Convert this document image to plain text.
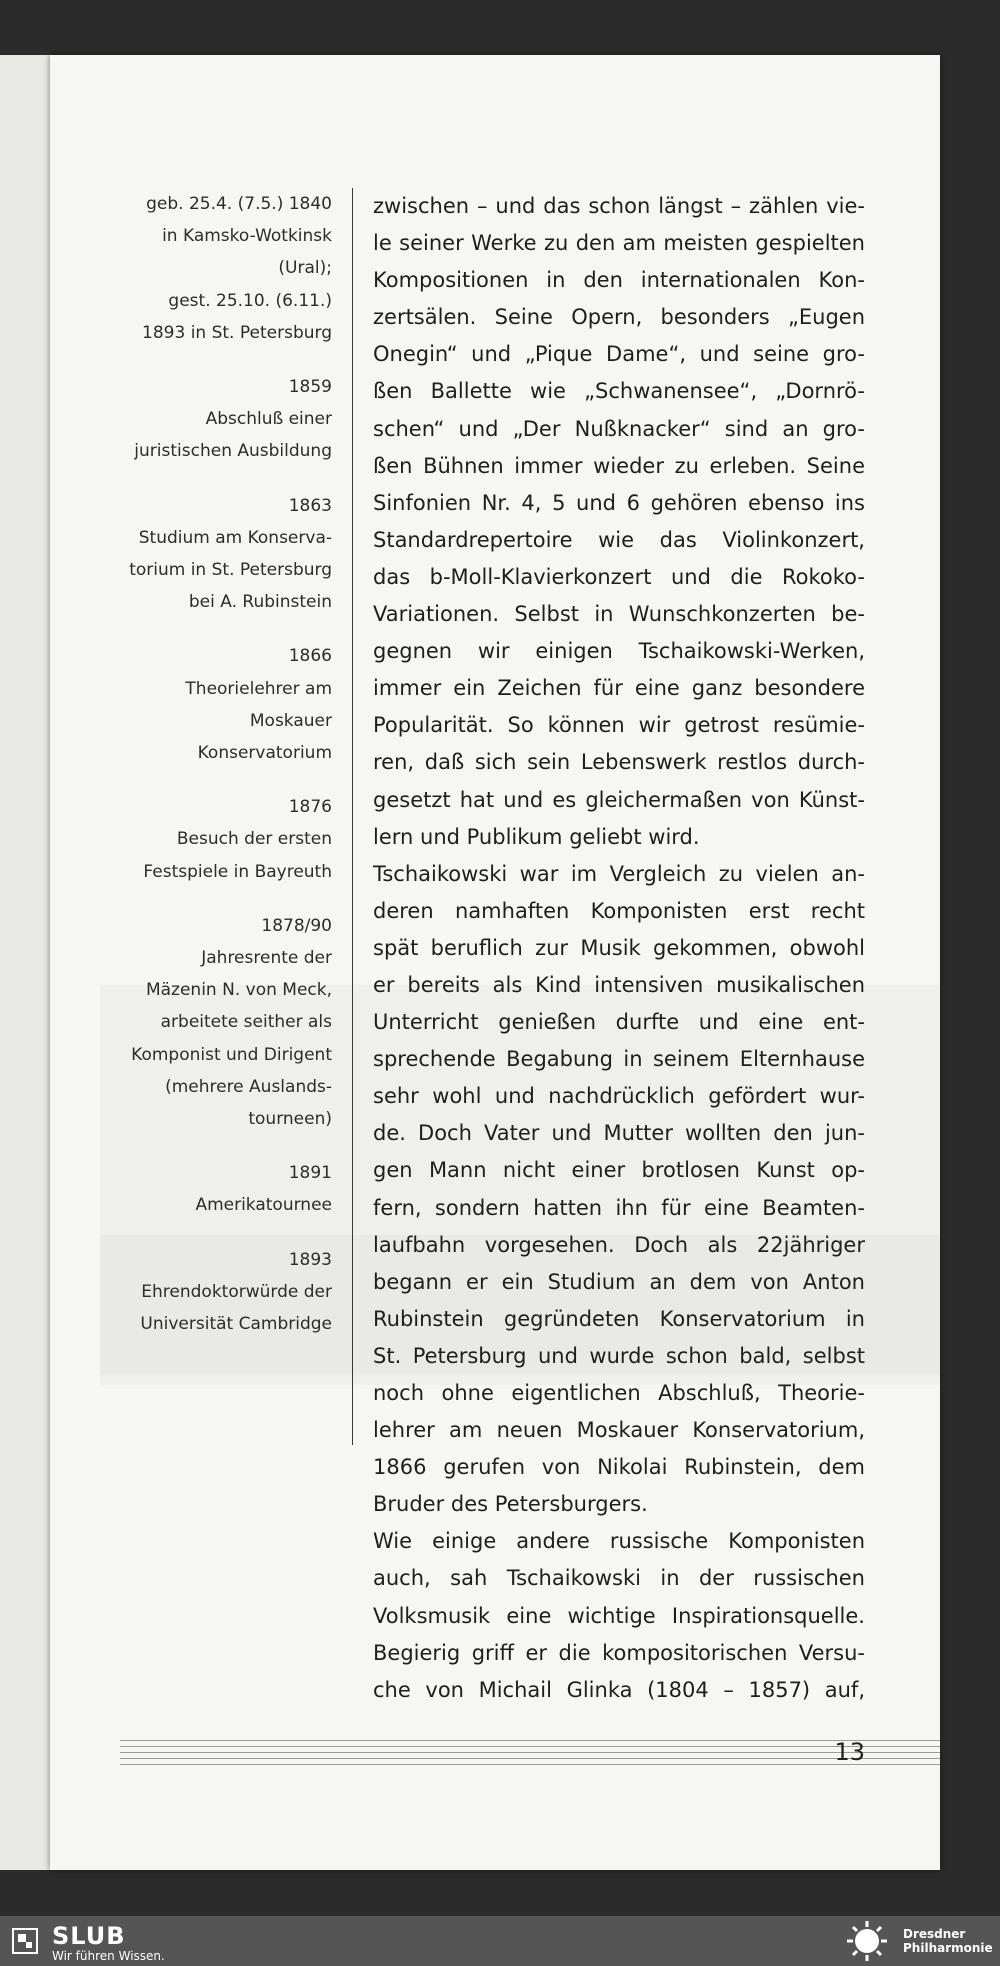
geb. 25.4. (7.5.) 1840
in Kamsko-Wotkinsk
(Ural);
gest. 25.10. (6.11.)
1893 in St. Petersburg
1859
Abschluß einer
juristischen Ausbildung
1863
Studium am Konserva-
torium in St. Petersburg
bei A. Rubinstein
1866
Theorielehrer am
Moskauer
Konservatorium
1876
Besuch der ersten
Festspiele in Bayreuth
1878/90
Jahresrente der
Mäzenin N. von Meck,
arbeitete seither als
Komponist und Dirigent
(mehrere Auslands-
tourneen)
1891
Amerikatournee
1893
Ehrendoktorwürde der
Universität Cambridge
zwischen – und das schon längst – zählen vie-
le seiner Werke zu den am meisten gespielten
Kompositionen in den internationalen Kon-
zertsälen. Seine Opern, besonders „Eugen
Onegin“ und „Pique Dame“, und seine gro-
ßen Ballette wie „Schwanensee“, „Dornrö-
schen“ und „Der Nußknacker“ sind an gro-
ßen Bühnen immer wieder zu erleben. Seine
Sinfonien Nr. 4, 5 und 6 gehören ebenso ins
Standardrepertoire wie das Violinkonzert,
das b-Moll-Klavierkonzert und die Rokoko-
Variationen. Selbst in Wunschkonzerten be-
gegnen wir einigen Tschaikowski-Werken,
immer ein Zeichen für eine ganz besondere
Popularität. So können wir getrost resümie-
ren, daß sich sein Lebenswerk restlos durch-
gesetzt hat und es gleichermaßen von Künst-
lern und Publikum geliebt wird.
Tschaikowski war im Vergleich zu vielen an-
deren namhaften Komponisten erst recht
spät beruflich zur Musik gekommen, obwohl
er bereits als Kind intensiven musikalischen
Unterricht genießen durfte und eine ent-
sprechende Begabung in seinem Elternhause
sehr wohl und nachdrücklich gefördert wur-
de. Doch Vater und Mutter wollten den jun-
gen Mann nicht einer brotlosen Kunst op-
fern, sondern hatten ihn für eine Beamten-
laufbahn vorgesehen. Doch als 22jähriger
begann er ein Studium an dem von Anton
Rubinstein gegründeten Konservatorium in
St. Petersburg und wurde schon bald, selbst
noch ohne eigentlichen Abschluß, Theorie-
lehrer am neuen Moskauer Konservatorium,
1866 gerufen von Nikolai Rubinstein, dem
Bruder des Petersburgers.
Wie einige andere russische Komponisten
auch, sah Tschaikowski in der russischen
Volksmusik eine wichtige Inspirationsquelle.
Begierig griff er die kompositorischen Versu-
che von Michail Glinka (1804 – 1857) auf,
13
SLUB
Wir führen Wissen.
Dresdner
Philharmonie
